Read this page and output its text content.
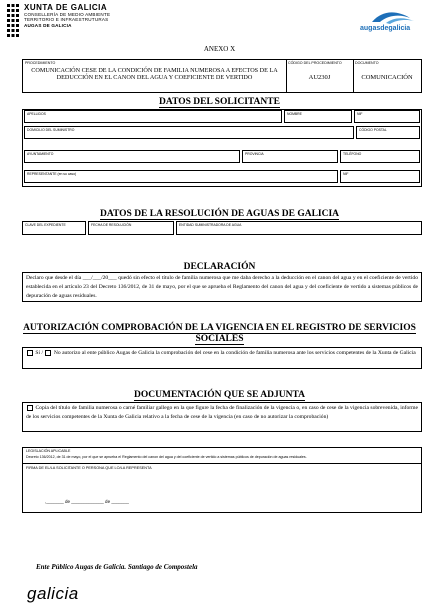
XUNTA DE GALICIA
CONSELLERÍA DE MEDIO AMBIENTE
TERRITORIO E INFRAESTRUTURAS
AUGAS DE GALICIA	augasdegalicia
ANEXO X
PROCEDIMIENTO
COMUNICACIÓN CESE DE LA CONDICIÓN DE FAMILIA NUMEROSA A EFECTOS DE LA DEDUCCIÓN EN EL CANON DEL AGUA Y COEFICIENTE DE VERTIDO
CÓDIGO DEL PROCEDIMIENTO
AU230J
DOCUMENTO
COMUNICACIÓN
DATOS DEL SOLICITANTE
APELLIDOS	NOMBRE	NIF
DOMICILIO DEL SUMINISTRO	CÓDIGO POSTAL
AYUNTAMIENTO	PROVINCIA	TELÉFONO
REPRESENTANTE (en su caso)	NIF
DATOS DE LA RESOLUCIÓN DE AGUAS DE GALICIA
CLAVE DEL EXPEDIENTE	FECHA DE RESOLUCIÓN	ENTIDAD SUMINISTRADORA DE AGUA
DECLARACIÓN
Declaro que desde el día ___/___/20___ quedó sin efecto el título de familia numerosa que me daba derecho a la deducción en el canon del agua y en el coeficiente de vertido establecida en el artículo 23 del Decreto 136/2012, de 31 de mayo, por el que se aprueba el Reglamento del canon del agua y del coeficiente de vertido a sistemas públicos de depuración de aguas residuales.
AUTORIZACIÓN COMPROBACIÓN DE LA VIGENCIA EN EL REGISTRO DE SERVICIOS SOCIALES
Sí / No autorizo al ente público Augas de Galicia la comprobación del cese en la condición de familia numerosa ante los servicios competentes de la Xunta de Galicia
DOCUMENTACIÓN QUE SE ADJUNTA
Copia del título de familia numerosa o carné familiar gallego en la que figure la fecha de finalización de la vigencia o, en caso de cese de la vigencia sobrevenida, informe de los servicios competentes de la Xunta de Galicia relativo a la fecha de cese de la vigencia (en caso de no autorizar la comprobación)
LEGISLACIÓN APLICABLE
Decreto 136/2012, de 31 de mayo, por el que se aprueba el Reglamento del canon del agua y del coeficiente de vertido a sistemas públicos de depuración de aguas residuales.
FIRMA DE EL/LA SOLICITANTE O PERSONA QUE LO/LA REPRESENTA
,_______ de _____________ de _______
Ente Público Augas de Galicia. Santiago de Compostela
galicia
